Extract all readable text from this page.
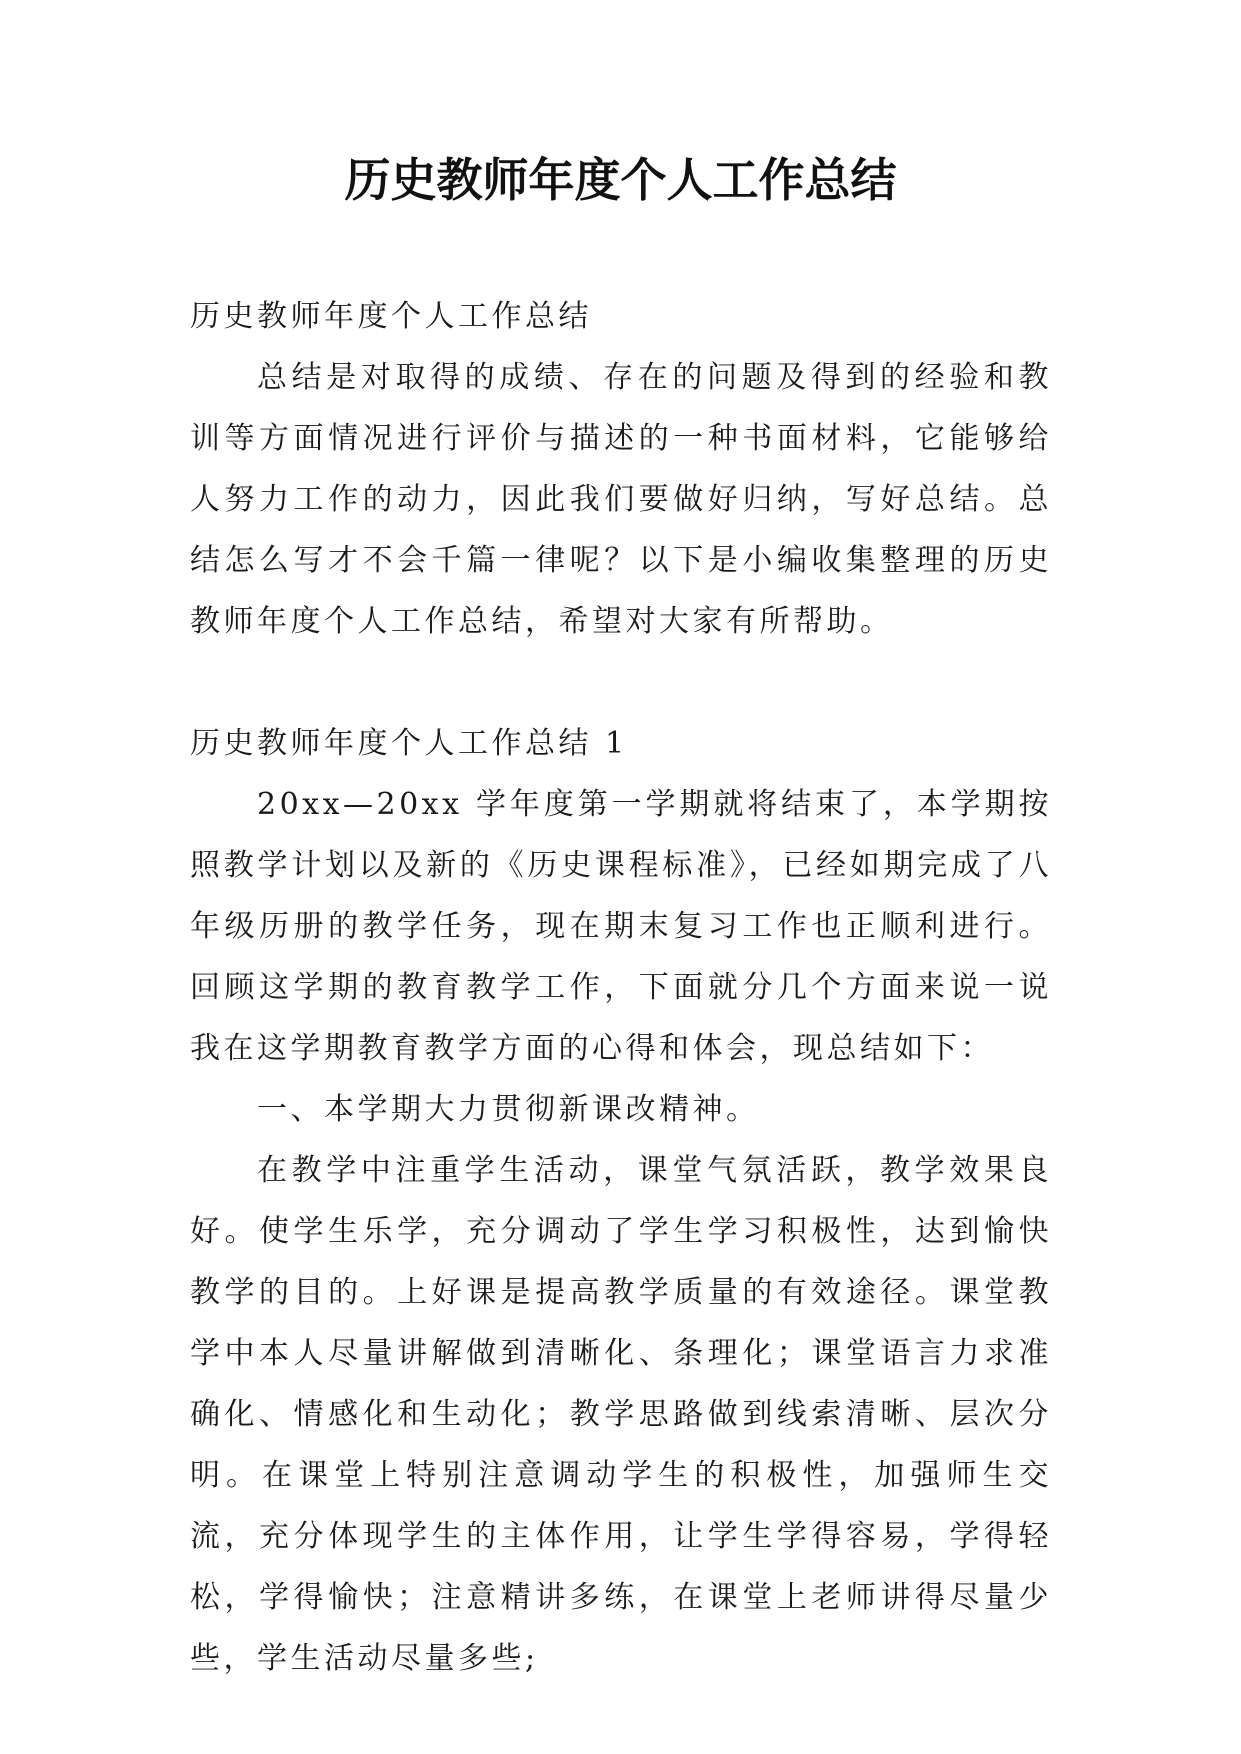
历史教师年度个人工作总结

历史教师年度个人工作总结

总结是对取得的成绩、存在的问题及得到的经验和教训等方面情况进行评价与描述的一种书面材料，它能够给人努力工作的动力，因此我们要做好归纳，写好总结。总结怎么写才不会千篇一律呢？以下是小编收集整理的历史教师年度个人工作总结，希望对大家有所帮助。

历史教师年度个人工作总结 1

20xx—20xx 学年度第一学期就将结束了，本学期按照教学计划以及新的《历史课程标准》，已经如期完成了八年级历册的教学任务，现在期末复习工作也正顺利进行。回顾这学期的教育教学工作，下面就分几个方面来说一说我在这学期教育教学方面的心得和体会，现总结如下：

一、本学期大力贯彻新课改精神。

在教学中注重学生活动，课堂气氛活跃，教学效果良好。使学生乐学，充分调动了学生学习积极性，达到愉快教学的目的。上好课是提高教学质量的有效途径。课堂教学中本人尽量讲解做到清晰化、条理化；课堂语言力求准确化、情感化和生动化；教学思路做到线索清晰、层次分明。在课堂上特别注意调动学生的积极性，加强师生交流，充分体现学生的主体作用，让学生学得容易，学得轻松，学得愉快；注意精讲多练，在课堂上老师讲得尽量少些，学生活动尽量多些;
